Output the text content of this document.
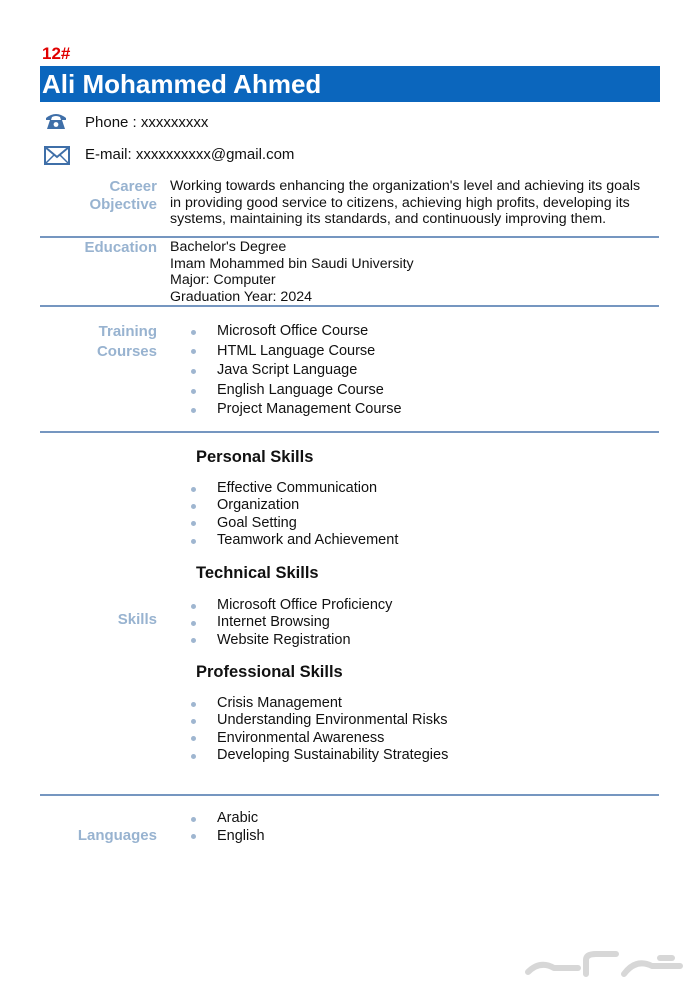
12#
Ali Mohammed Ahmed
Phone : xxxxxxxxx
E-mail: xxxxxxxxxx@gmail.com
Career
Objective
Working towards enhancing the organization's level and achieving its goals
in providing good service to citizens, achieving high profits, developing its
systems, maintaining its standards, and continuously improving them.
Education Bachelor's Degree
Imam Mohammed bin Saudi University
Major: Computer
Graduation Year: 2024
Training
Courses
Microsoft Office Course
HTML Language Course
Java Script Language
English Language Course
Project Management Course
Skills
Personal Skills
Effective Communication
Organization
Goal Setting
Teamwork and Achievement
Technical Skills
Microsoft Office Proficiency
Internet Browsing
Website Registration
Professional Skills
Crisis Management
Understanding Environmental Risks
Environmental Awareness
Developing Sustainability Strategies
Languages
Arabic
English
